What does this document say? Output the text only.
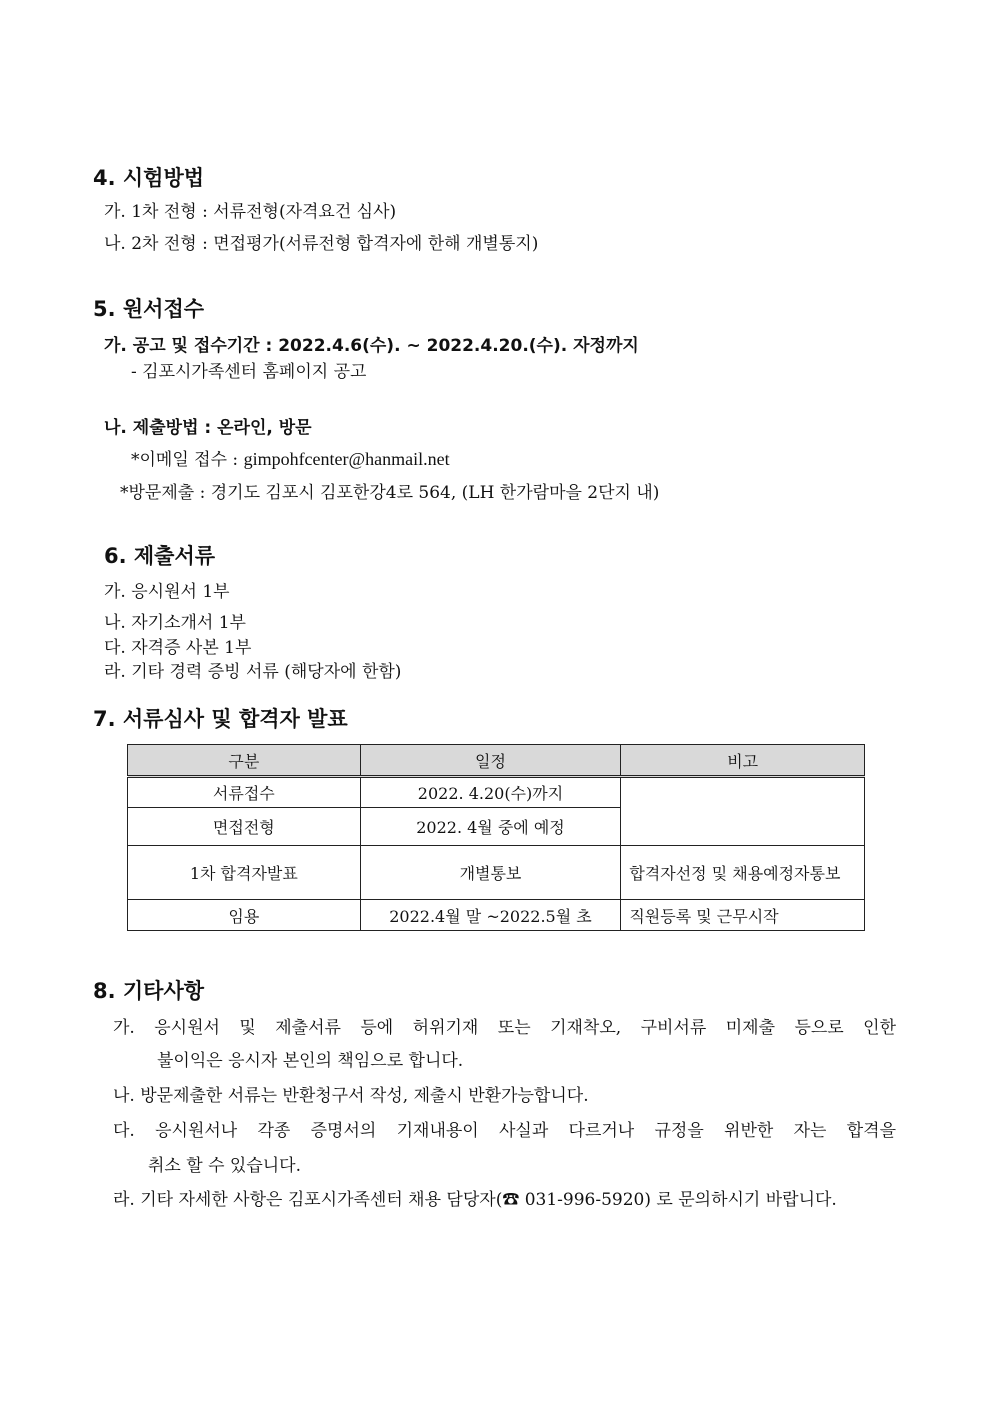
4. 시험방법
가. 1차 전형 : 서류전형(자격요건 심사)
나. 2차 전형 : 면접평가(서류전형 합격자에 한해 개별통지)
5. 원서접수
가. 공고 및 접수기간 : 2022.4.6(수). ~ 2022.4.20.(수). 자정까지
- 김포시가족센터 홈페이지 공고
나. 제출방법 : 온라인, 방문
*이메일 접수 : gimpohfcenter@hanmail.net
*방문제출 : 경기도 김포시 김포한강4로 564, (LH 한가람마을 2단지 내)
6. 제출서류
가. 응시원서 1부
나. 자기소개서 1부
다. 자격증 사본 1부
라. 기타 경력 증빙 서류 (해당자에 한함)
7. 서류심사 및 합격자 발표
구분	일정	비고
서류접수	2022. 4.20(수)까지	
면접전형	2022. 4월 중에 예정	
1차 합격자발표	개별통보	합격자선정 및 채용예정자통보
임용	2022.4월 말 ~2022.5월 초	직원등록 및 근무시작
8. 기타사항
가. 응시원서 및 제출서류 등에 허위기재 또는 기재착오, 구비서류 미제출 등으로 인한
불이익은 응시자 본인의 책임으로 합니다.
나. 방문제출한 서류는 반환청구서 작성, 제출시 반환가능합니다.
다. 응시원서나 각종 증명서의 기재내용이 사실과 다르거나 규정을 위반한 자는 합격을
취소 할 수 있습니다.
라. 기타 자세한 사항은 김포시가족센터 채용 담당자(☎ 031-996-5920) 로 문의하시기 바랍니다.
